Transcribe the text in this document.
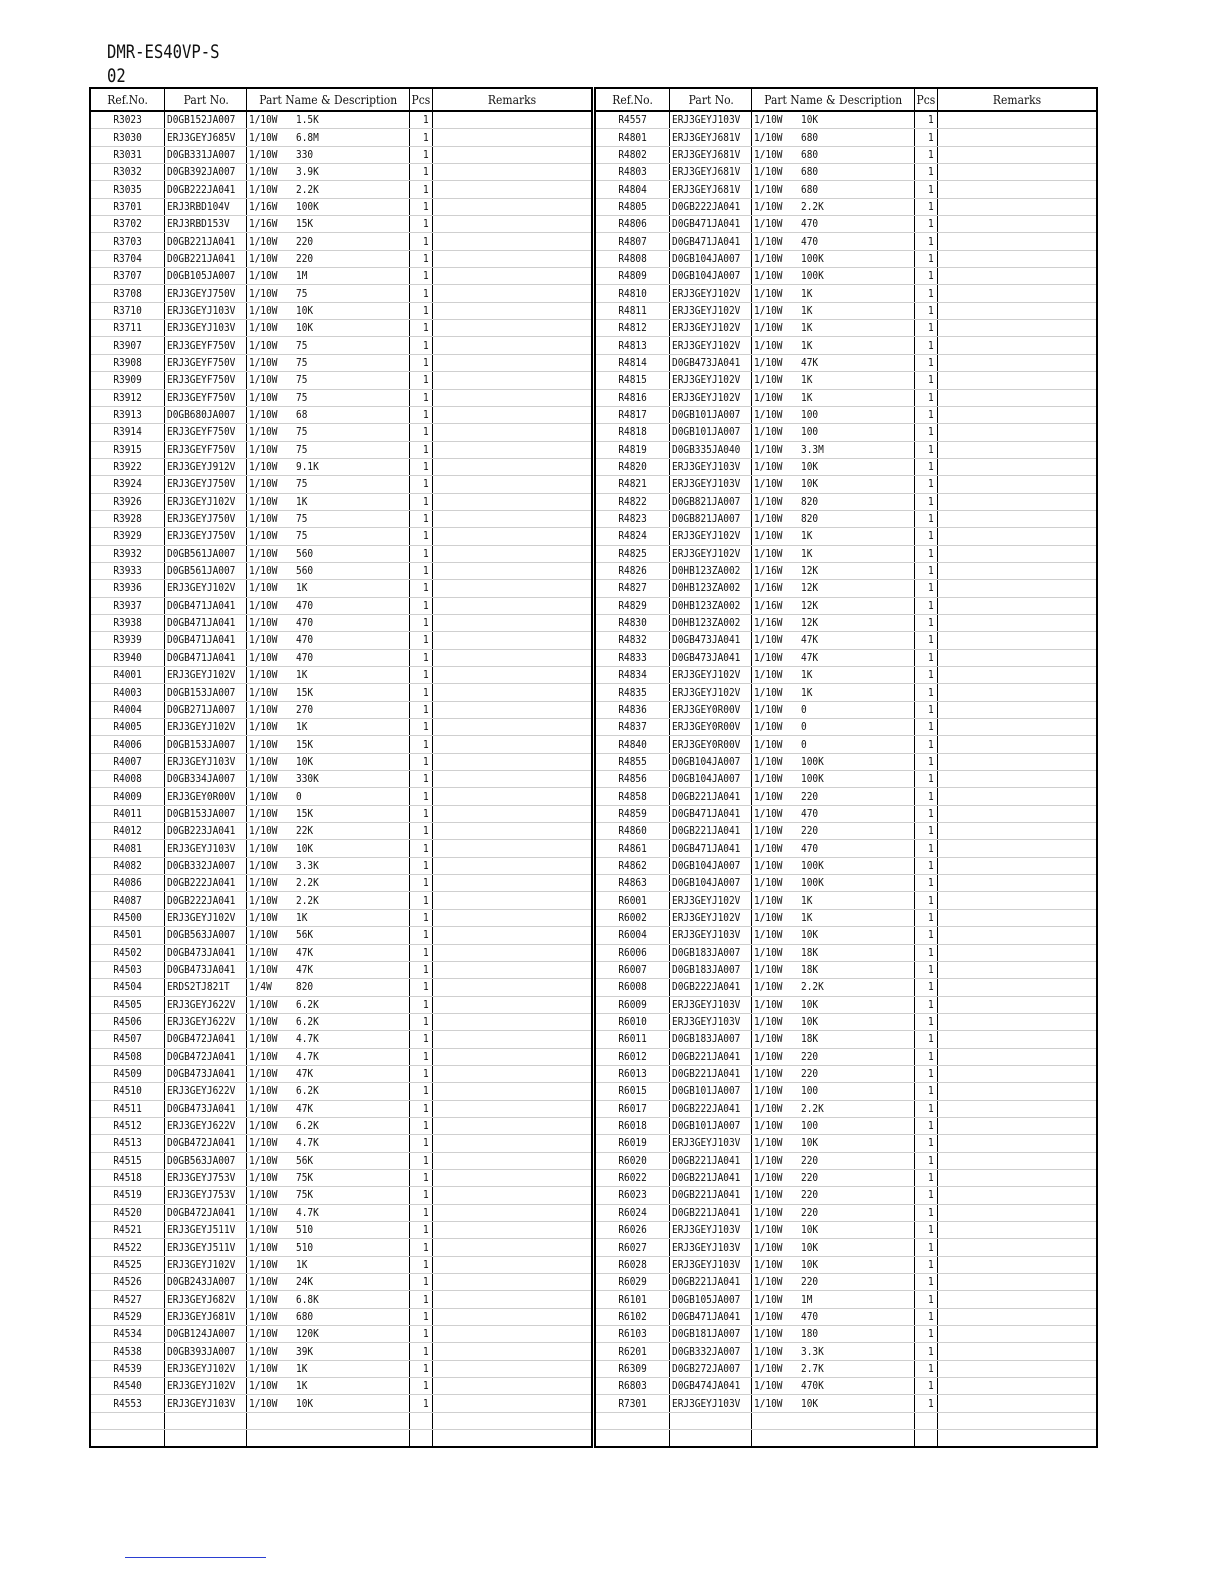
DMR-ES40VP-S
02
Ref.No.	Part No.	Part Name & Description		Pcs	Remarks
R3023	D0GB152JA007	1/10W	1.5K	1	
R3030	ERJ3GEYJ685V	1/10W	6.8M	1	
R3031	D0GB331JA007	1/10W	330	1	
R3032	D0GB392JA007	1/10W	3.9K	1	
R3035	D0GB222JA041	1/10W	2.2K	1	
R3701	ERJ3RBD104V	1/16W	100K	1	
R3702	ERJ3RBD153V	1/16W	15K	1	
R3703	D0GB221JA041	1/10W	220	1	
R3704	D0GB221JA041	1/10W	220	1	
R3707	D0GB105JA007	1/10W	1M	1	
R3708	ERJ3GEYJ750V	1/10W	75	1	
R3710	ERJ3GEYJ103V	1/10W	10K	1	
R3711	ERJ3GEYJ103V	1/10W	10K	1	
R3907	ERJ3GEYF750V	1/10W	75	1	
R3908	ERJ3GEYF750V	1/10W	75	1	
R3909	ERJ3GEYF750V	1/10W	75	1	
R3912	ERJ3GEYF750V	1/10W	75	1	
R3913	D0GB680JA007	1/10W	68	1	
R3914	ERJ3GEYF750V	1/10W	75	1	
R3915	ERJ3GEYF750V	1/10W	75	1	
R3922	ERJ3GEYJ912V	1/10W	9.1K	1	
R3924	ERJ3GEYJ750V	1/10W	75	1	
R3926	ERJ3GEYJ102V	1/10W	1K	1	
R3928	ERJ3GEYJ750V	1/10W	75	1	
R3929	ERJ3GEYJ750V	1/10W	75	1	
R3932	D0GB561JA007	1/10W	560	1	
R3933	D0GB561JA007	1/10W	560	1	
R3936	ERJ3GEYJ102V	1/10W	1K	1	
R3937	D0GB471JA041	1/10W	470	1	
R3938	D0GB471JA041	1/10W	470	1	
R3939	D0GB471JA041	1/10W	470	1	
R3940	D0GB471JA041	1/10W	470	1	
R4001	ERJ3GEYJ102V	1/10W	1K	1	
R4003	D0GB153JA007	1/10W	15K	1	
R4004	D0GB271JA007	1/10W	270	1	
R4005	ERJ3GEYJ102V	1/10W	1K	1	
R4006	D0GB153JA007	1/10W	15K	1	
R4007	ERJ3GEYJ103V	1/10W	10K	1	
R4008	D0GB334JA007	1/10W	330K	1	
R4009	ERJ3GEY0R00V	1/10W	0	1	
R4011	D0GB153JA007	1/10W	15K	1	
R4012	D0GB223JA041	1/10W	22K	1	
R4081	ERJ3GEYJ103V	1/10W	10K	1	
R4082	D0GB332JA007	1/10W	3.3K	1	
R4086	D0GB222JA041	1/10W	2.2K	1	
R4087	D0GB222JA041	1/10W	2.2K	1	
R4500	ERJ3GEYJ102V	1/10W	1K	1	
R4501	D0GB563JA007	1/10W	56K	1	
R4502	D0GB473JA041	1/10W	47K	1	
R4503	D0GB473JA041	1/10W	47K	1	
R4504	ERDS2TJ821T	1/4W	820	1	
R4505	ERJ3GEYJ622V	1/10W	6.2K	1	
R4506	ERJ3GEYJ622V	1/10W	6.2K	1	
R4507	D0GB472JA041	1/10W	4.7K	1	
R4508	D0GB472JA041	1/10W	4.7K	1	
R4509	D0GB473JA041	1/10W	47K	1	
R4510	ERJ3GEYJ622V	1/10W	6.2K	1	
R4511	D0GB473JA041	1/10W	47K	1	
R4512	ERJ3GEYJ622V	1/10W	6.2K	1	
R4513	D0GB472JA041	1/10W	4.7K	1	
R4515	D0GB563JA007	1/10W	56K	1	
R4518	ERJ3GEYJ753V	1/10W	75K	1	
R4519	ERJ3GEYJ753V	1/10W	75K	1	
R4520	D0GB472JA041	1/10W	4.7K	1	
R4521	ERJ3GEYJ511V	1/10W	510	1	
R4522	ERJ3GEYJ511V	1/10W	510	1	
R4525	ERJ3GEYJ102V	1/10W	1K	1	
R4526	D0GB243JA007	1/10W	24K	1	
R4527	ERJ3GEYJ682V	1/10W	6.8K	1	
R4529	ERJ3GEYJ681V	1/10W	680	1	
R4534	D0GB124JA007	1/10W	120K	1	
R4538	D0GB393JA007	1/10W	39K	1	
R4539	ERJ3GEYJ102V	1/10W	1K	1	
R4540	ERJ3GEYJ102V	1/10W	1K	1	
R4553	ERJ3GEYJ103V	1/10W	10K	1	

Ref.No.	Part No.	Part Name & Description		Pcs	Remarks
R4557	ERJ3GEYJ103V	1/10W	10K	1	
R4801	ERJ3GEYJ681V	1/10W	680	1	
R4802	ERJ3GEYJ681V	1/10W	680	1	
R4803	ERJ3GEYJ681V	1/10W	680	1	
R4804	ERJ3GEYJ681V	1/10W	680	1	
R4805	D0GB222JA041	1/10W	2.2K	1	
R4806	D0GB471JA041	1/10W	470	1	
R4807	D0GB471JA041	1/10W	470	1	
R4808	D0GB104JA007	1/10W	100K	1	
R4809	D0GB104JA007	1/10W	100K	1	
R4810	ERJ3GEYJ102V	1/10W	1K	1	
R4811	ERJ3GEYJ102V	1/10W	1K	1	
R4812	ERJ3GEYJ102V	1/10W	1K	1	
R4813	ERJ3GEYJ102V	1/10W	1K	1	
R4814	D0GB473JA041	1/10W	47K	1	
R4815	ERJ3GEYJ102V	1/10W	1K	1	
R4816	ERJ3GEYJ102V	1/10W	1K	1	
R4817	D0GB101JA007	1/10W	100	1	
R4818	D0GB101JA007	1/10W	100	1	
R4819	D0GB335JA040	1/10W	3.3M	1	
R4820	ERJ3GEYJ103V	1/10W	10K	1	
R4821	ERJ3GEYJ103V	1/10W	10K	1	
R4822	D0GB821JA007	1/10W	820	1	
R4823	D0GB821JA007	1/10W	820	1	
R4824	ERJ3GEYJ102V	1/10W	1K	1	
R4825	ERJ3GEYJ102V	1/10W	1K	1	
R4826	D0HB123ZA002	1/16W	12K	1	
R4827	D0HB123ZA002	1/16W	12K	1	
R4829	D0HB123ZA002	1/16W	12K	1	
R4830	D0HB123ZA002	1/16W	12K	1	
R4832	D0GB473JA041	1/10W	47K	1	
R4833	D0GB473JA041	1/10W	47K	1	
R4834	ERJ3GEYJ102V	1/10W	1K	1	
R4835	ERJ3GEYJ102V	1/10W	1K	1	
R4836	ERJ3GEY0R00V	1/10W	0	1	
R4837	ERJ3GEY0R00V	1/10W	0	1	
R4840	ERJ3GEY0R00V	1/10W	0	1	
R4855	D0GB104JA007	1/10W	100K	1	
R4856	D0GB104JA007	1/10W	100K	1	
R4858	D0GB221JA041	1/10W	220	1	
R4859	D0GB471JA041	1/10W	470	1	
R4860	D0GB221JA041	1/10W	220	1	
R4861	D0GB471JA041	1/10W	470	1	
R4862	D0GB104JA007	1/10W	100K	1	
R4863	D0GB104JA007	1/10W	100K	1	
R6001	ERJ3GEYJ102V	1/10W	1K	1	
R6002	ERJ3GEYJ102V	1/10W	1K	1	
R6004	ERJ3GEYJ103V	1/10W	10K	1	
R6006	D0GB183JA007	1/10W	18K	1	
R6007	D0GB183JA007	1/10W	18K	1	
R6008	D0GB222JA041	1/10W	2.2K	1	
R6009	ERJ3GEYJ103V	1/10W	10K	1	
R6010	ERJ3GEYJ103V	1/10W	10K	1	
R6011	D0GB183JA007	1/10W	18K	1	
R6012	D0GB221JA041	1/10W	220	1	
R6013	D0GB221JA041	1/10W	220	1	
R6015	D0GB101JA007	1/10W	100	1	
R6017	D0GB222JA041	1/10W	2.2K	1	
R6018	D0GB101JA007	1/10W	100	1	
R6019	ERJ3GEYJ103V	1/10W	10K	1	
R6020	D0GB221JA041	1/10W	220	1	
R6022	D0GB221JA041	1/10W	220	1	
R6023	D0GB221JA041	1/10W	220	1	
R6024	D0GB221JA041	1/10W	220	1	
R6026	ERJ3GEYJ103V	1/10W	10K	1	
R6027	ERJ3GEYJ103V	1/10W	10K	1	
R6028	ERJ3GEYJ103V	1/10W	10K	1	
R6029	D0GB221JA041	1/10W	220	1	
R6101	D0GB105JA007	1/10W	1M	1	
R6102	D0GB471JA041	1/10W	470	1	
R6103	D0GB181JA007	1/10W	180	1	
R6201	D0GB332JA007	1/10W	3.3K	1	
R6309	D0GB272JA007	1/10W	2.7K	1	
R6803	D0GB474JA041	1/10W	470K	1	
R7301	ERJ3GEYJ103V	1/10W	10K	1	
